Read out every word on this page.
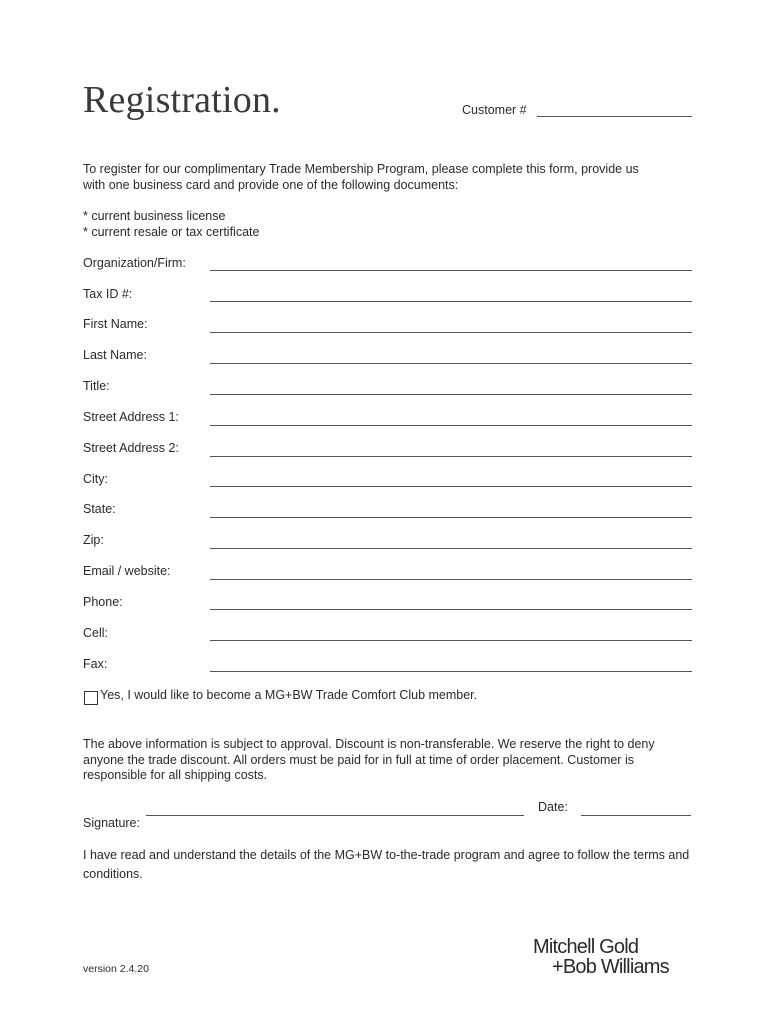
Registration.	Customer #

To register for our complimentary Trade Membership Program, please complete this form, provide us

with one business card and provide one of the following documents:

* current business license
* current resale or tax certificate
Organization/Firm:
Tax ID #:
First Name:
Last Name:
Title:
Street Address 1:
Street Address 2:
City:
State:
Zip:
Email / website:
Phone:
Cell:
Fax:
Yes, I would like to become a MG+BW Trade Comfort Club member.

The above information is subject to approval. Discount is non-transferable. We reserve the right to deny

anyone the trade discount. All orders must be paid for in full at time of order placement. Customer is

responsible for all shipping costs.

Date:
Signature:

I have read and understand the details of the MG+BW to-the-trade program and agree to follow the terms and

conditions.

version 2.4.20
Mitchell Gold
+Bob Williams
